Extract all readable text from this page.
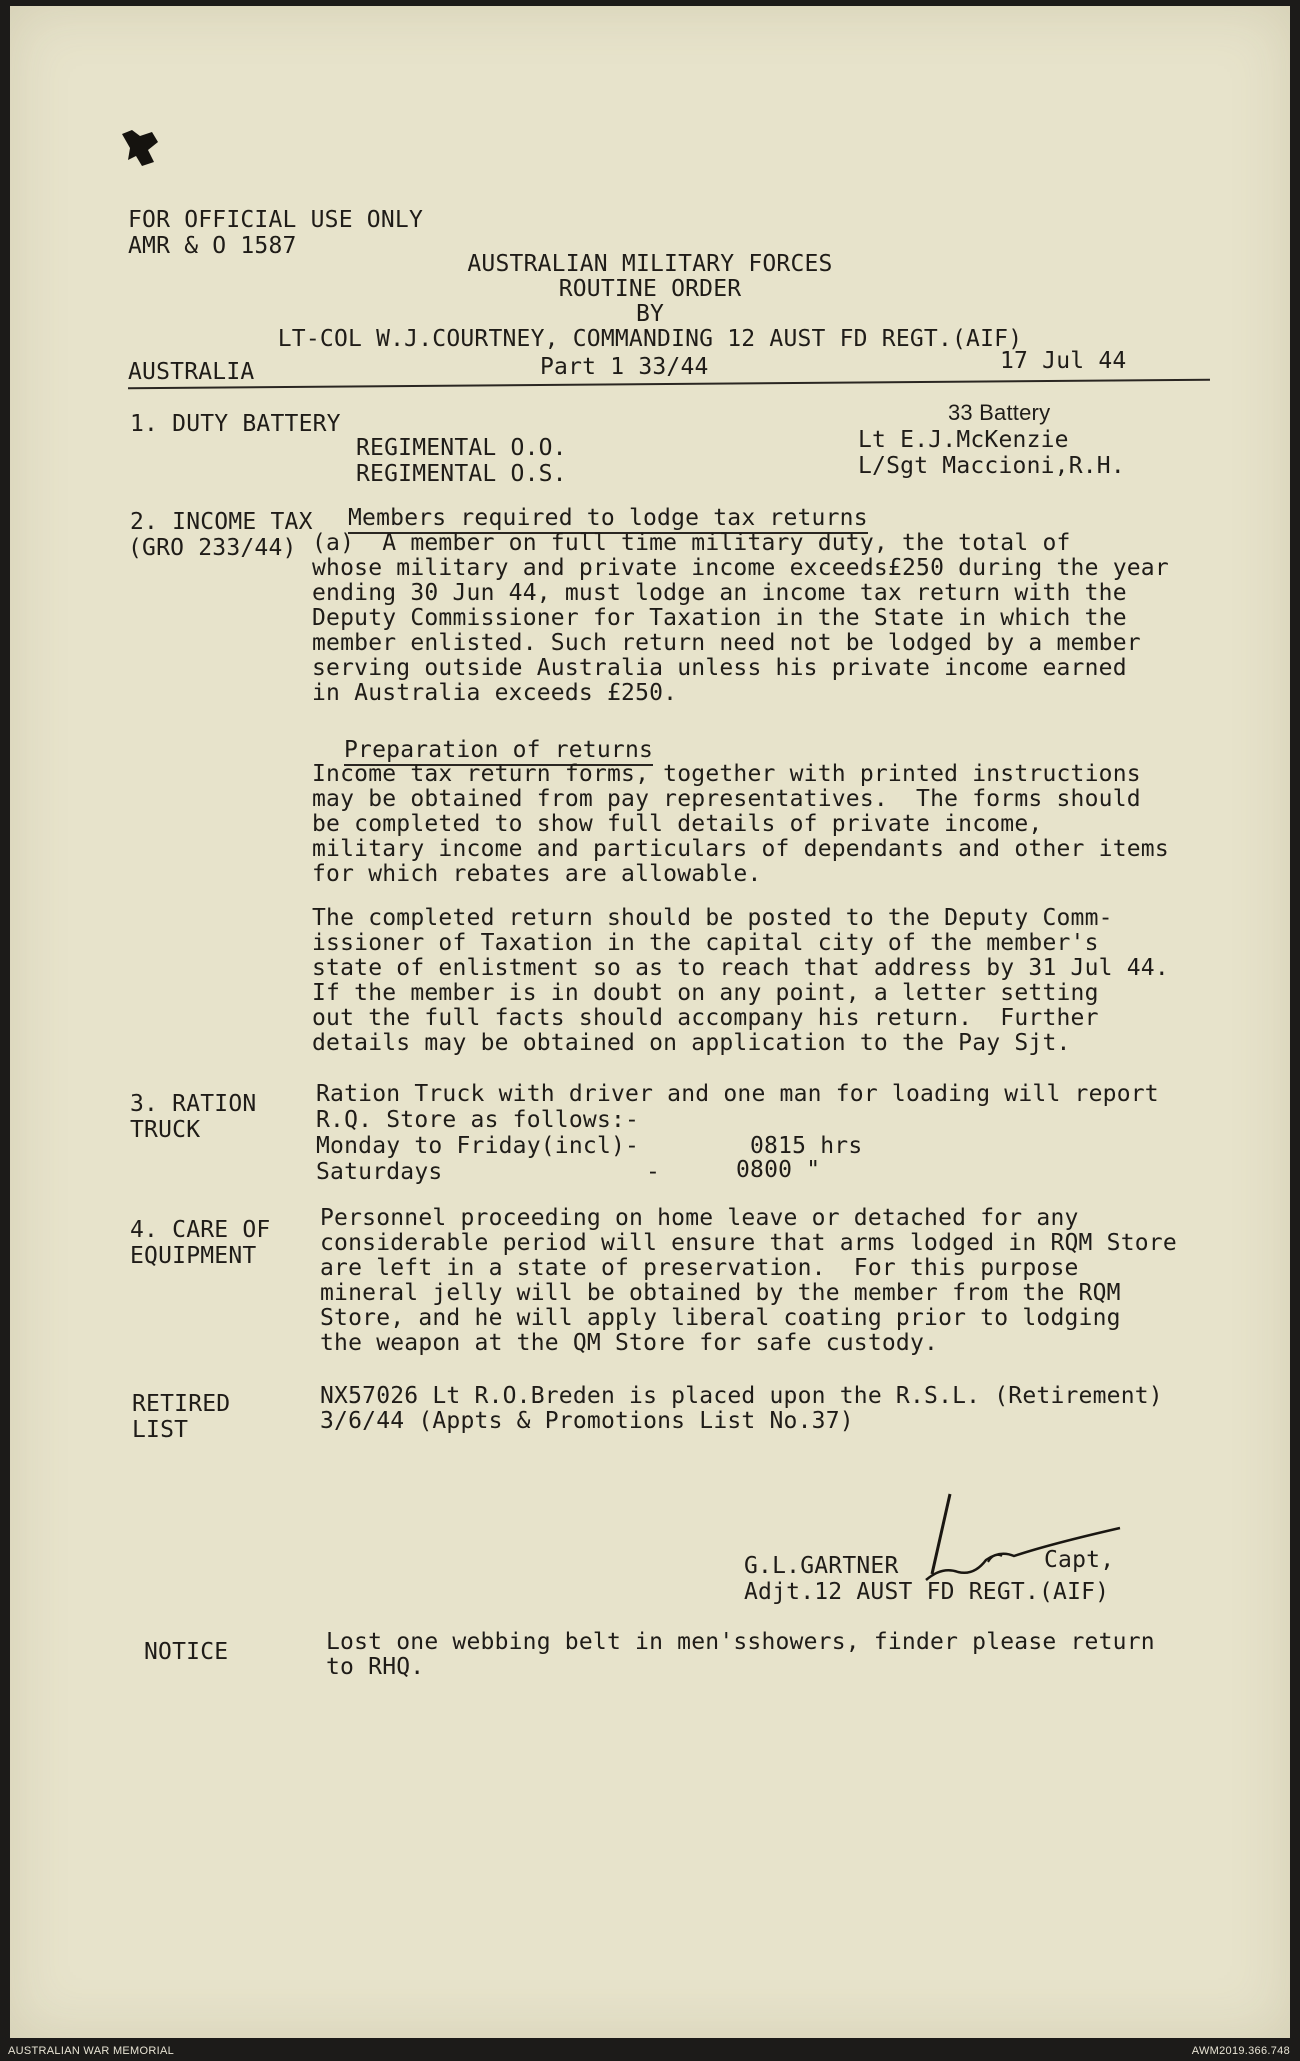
FOR OFFICIAL USE ONLY
AMR & O 1587
AUSTRALIAN MILITARY FORCES
ROUTINE ORDER
BY
LT-COL W.J.COURTNEY, COMMANDING 12 AUST FD REGT.(AIF)
AUSTRALIA	Part 1 33/44	17 Jul 44
1. DUTY BATTERY	33 Battery
REGIMENTAL O.O.	Lt E.J.McKenzie
REGIMENTAL O.S.	L/Sgt Maccioni,R.H.
2. INCOME TAX Members required to lodge tax returns
(GRO 233/44) (a)  A member on full time military duty, the total of
whose military and private income exceeds£250 during the year
ending 30 Jun 44, must lodge an income tax return with the
Deputy Commissioner for Taxation in the State in which the
member enlisted. Such return need not be lodged by a member
serving outside Australia unless his private income earned
in Australia exceeds £250.
Preparation of returns
Income tax return forms, together with printed instructions
may be obtained from pay representatives.  The forms should
be completed to show full details of private income,
military income and particulars of dependants and other items
for which rebates are allowable.
The completed return should be posted to the Deputy Comm-
issioner of Taxation in the capital city of the member's
state of enlistment so as to reach that address by 31 Jul 44.
If the member is in doubt on any point, a letter setting
out the full facts should accompany his return.  Further
details may be obtained on application to the Pay Sjt.
3. RATION
TRUCK
Ration Truck with driver and one man for loading will report
R.Q. Store as follows:-
Monday to Friday(incl)-	0815 hrs
Saturdays	-	0800 "
4. CARE OF
EQUIPMENT
Personnel proceeding on home leave or detached for any
considerable period will ensure that arms lodged in RQM Store
are left in a state of preservation.  For this purpose
mineral jelly will be obtained by the member from the RQM
Store, and he will apply liberal coating prior to lodging
the weapon at the QM Store for safe custody.
RETIRED
LIST
NX57026 Lt R.O.Breden is placed upon the R.S.L. (Retirement)
3/6/44 (Appts & Promotions List No.37)
G.L.GARTNER	Capt,
Adjt.12 AUST FD REGT.(AIF)
NOTICE	Lost one webbing belt in men'sshowers, finder please return
to RHQ.
AUSTRALIAN WAR MEMORIAL	AWM2019.366.748
